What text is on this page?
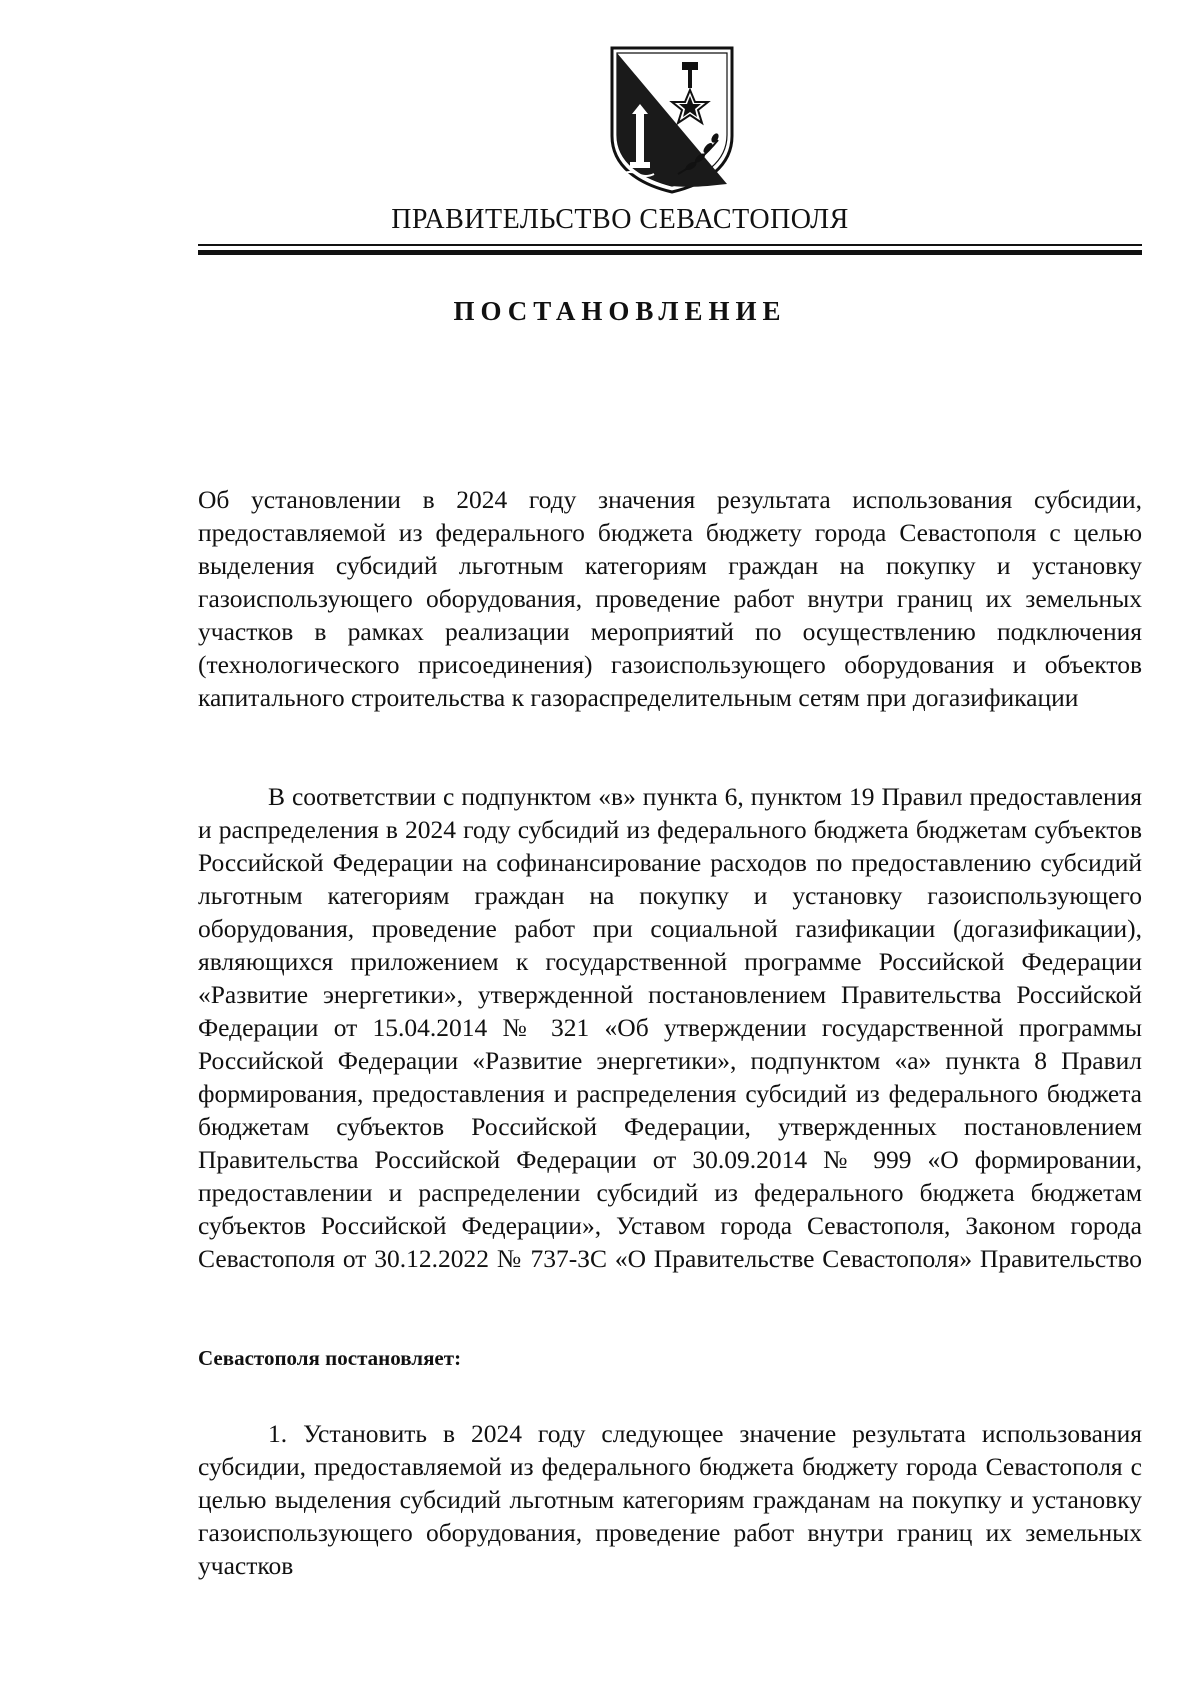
ПРАВИТЕЛЬСТВО СЕВАСТОПОЛЯ
ПОСТАНОВЛЕНИЕ
Об установлении в 2024 году значения результата использования субсидии, предоставляемой из федерального бюджета бюджету города Севастополя с целью выделения субсидий льготным категориям граждан на покупку и установку газоиспользующего оборудования, проведение работ внутри границ их земельных участков в рамках реализации мероприятий по осуществлению подключения (технологического присоединения) газоиспользующего оборудования и объектов капитального строительства к газораспределительным сетям при догазификации
В соответствии с подпунктом «в» пункта 6, пунктом 19 Правил предоставления и распределения в 2024 году субсидий из федерального бюджета бюджетам субъектов Российской Федерации на софинансирование расходов по предоставлению субсидий льготным категориям граждан на покупку и установку газоиспользующего оборудования, проведение работ при социальной газификации (догазификации), являющихся приложением к государственной программе Российской Федерации «Развитие энергетики», утвержденной постановлением Правительства Российской Федерации от 15.04.2014 № 321 «Об утверждении государственной программы Российской Федерации «Развитие энергетики», подпунктом «а» пункта 8 Правил формирования, предоставления и распределения субсидий из федерального бюджета бюджетам субъектов Российской Федерации, утвержденных постановлением Правительства Российской Федерации от 30.09.2014 № 999 «О формировании, предоставлении и распределении субсидий из федерального бюджета бюджетам субъектов Российской Федерации», Уставом города Севастополя, Законом города Севастополя от 30.12.2022 № 737-ЗС «О Правительстве Севастополя» Правительство
Севастополя постановляет:
1. Установить в 2024 году следующее значение результата использования субсидии, предоставляемой из федерального бюджета бюджету города Севастополя с целью выделения субсидий льготным категориям гражданам на покупку и установку газоиспользующего оборудования, проведение работ внутри границ их земельных участков
